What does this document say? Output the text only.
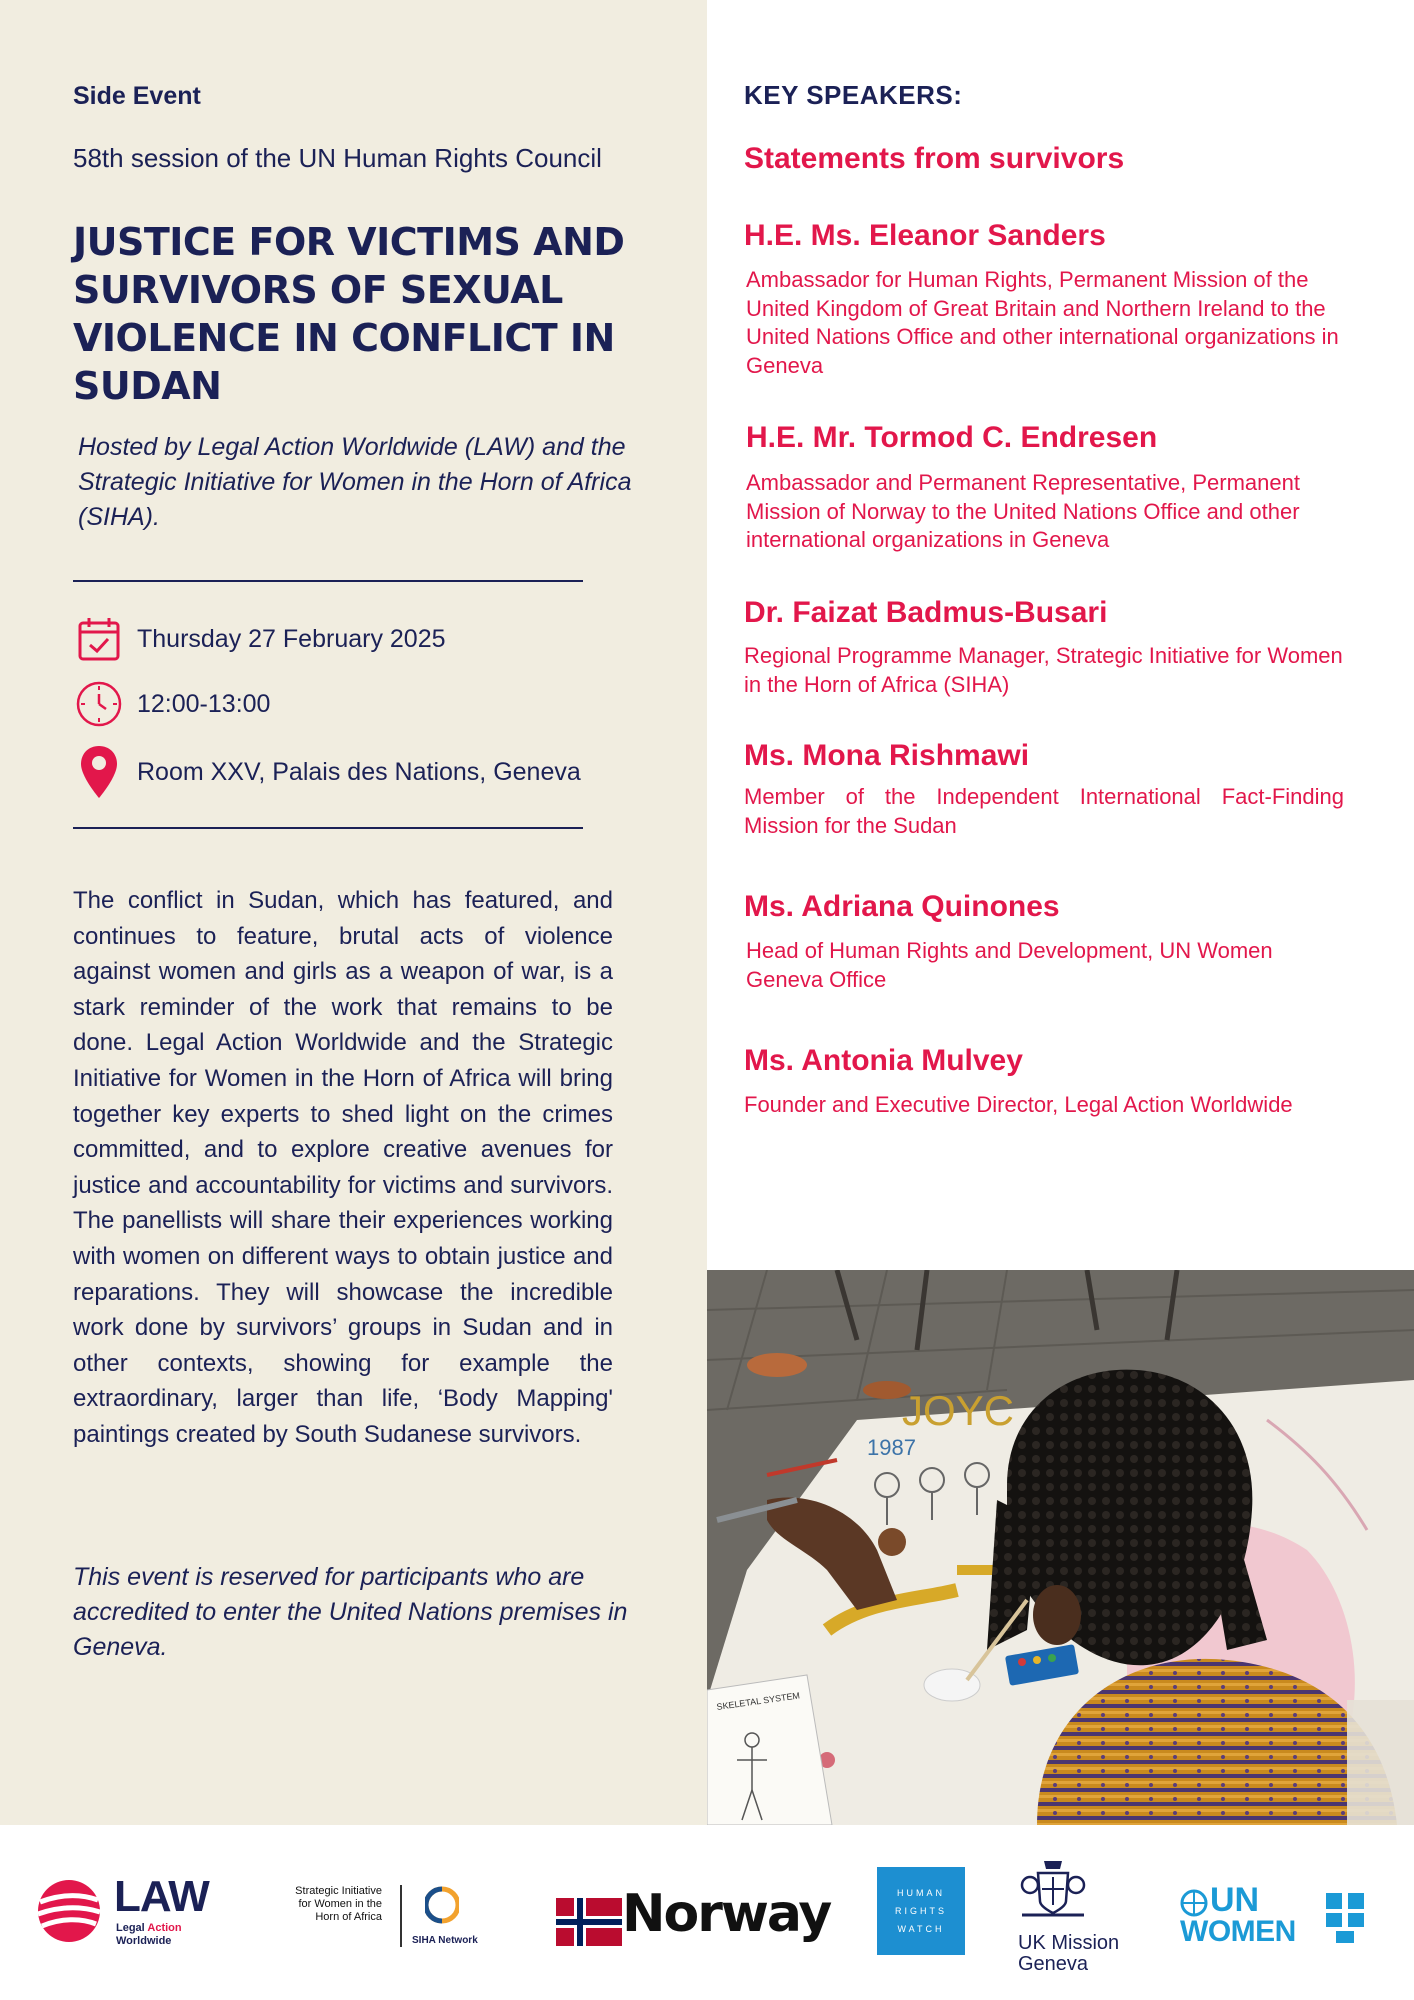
Side Event
58th session of the UN Human Rights Council
JUSTICE FOR VICTIMS AND SURVIVORS OF SEXUAL VIOLENCE IN CONFLICT IN SUDAN
Hosted by Legal Action Worldwide (LAW) and the Strategic Initiative for Women in the Horn of Africa (SIHA).
Thursday 27 February 2025
12:00-13:00
Room XXV, Palais des Nations, Geneva
The conflict in Sudan, which has featured, and continues to feature, brutal acts of violence against women and girls as a weapon of war, is a stark reminder of the work that remains to be done. Legal Action Worldwide and the Strategic Initiative for Women in the Horn of Africa will bring together key experts to shed light on the crimes committed, and to explore creative avenues for justice and accountability for victims and survivors. The panellists will share their experiences working with women on different ways to obtain justice and reparations. They will showcase the incredible work done by survivors’ groups in Sudan and in other contexts, showing for example the extraordinary, larger than life, ‘Body Mapping' paintings created by South Sudanese survivors.
This event is reserved for participants who are accredited to enter the United Nations premises in Geneva.
KEY SPEAKERS:
Statements from survivors
H.E. Ms. Eleanor Sanders
Ambassador for Human Rights, Permanent Mission of the United Kingdom of Great Britain and Northern Ireland to the United Nations Office and other international organizations in Geneva
H.E. Mr. Tormod C. Endresen
Ambassador and Permanent Representative, Permanent Mission of Norway to the United Nations Office and other international organizations in Geneva
Dr. Faizat Badmus-Busari
Regional Programme Manager, Strategic Initiative for Women in the Horn of Africa (SIHA)
Ms. Mona Rishmawi
Member of the Independent International Fact-Finding Mission for the Sudan
Ms. Adriana Quinones
Head of Human Rights and Development, UN Women Geneva Office
Ms. Antonia Mulvey
Founder and Executive Director, Legal Action Worldwide
JOYC
1987
SKELETAL SYSTEM
LAW
Legal Action
Worldwide
Strategic Initiative
for Women in the
Horn of Africa
SIHA Network	Norway	HUMAN
RIGHTS
WATCH
UK Mission
Geneva
UN
WOMEN
